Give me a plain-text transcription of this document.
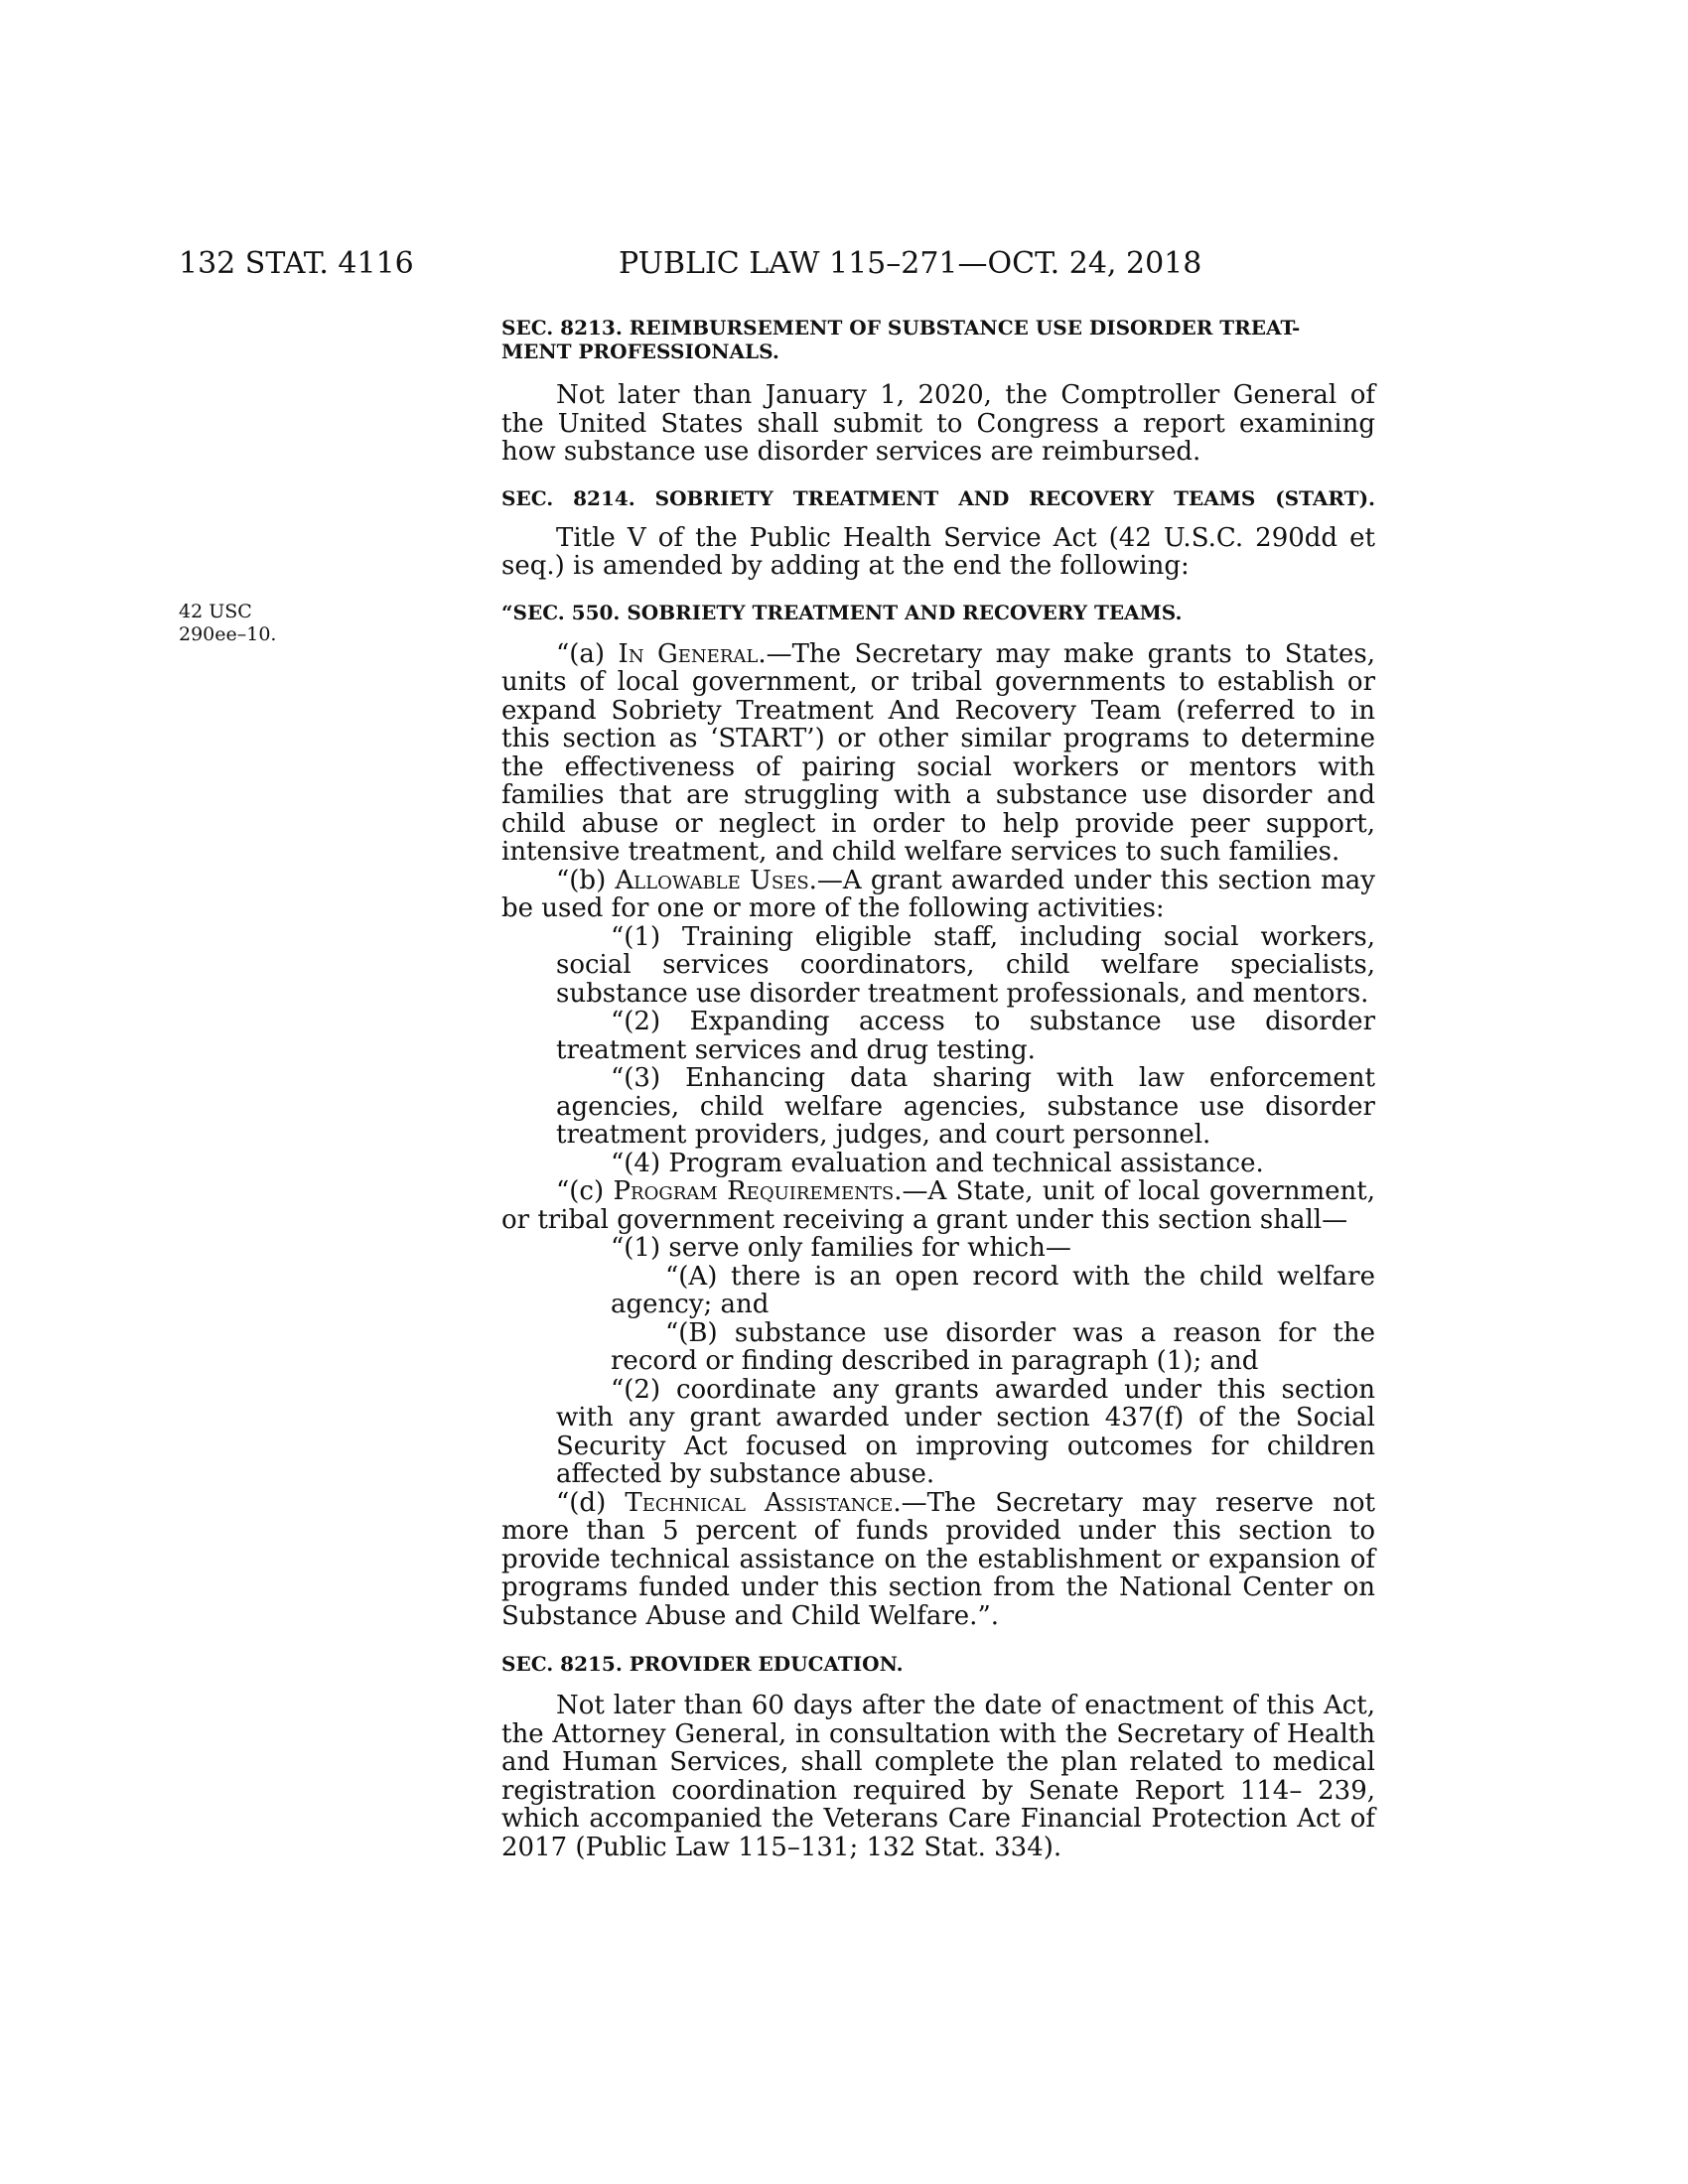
132 STAT. 4116	PUBLIC LAW 115–271—OCT. 24, 2018
42 USC
290ee–10.
SEC. 8213. REIMBURSEMENT OF SUBSTANCE USE DISORDER TREAT-
MENT PROFESSIONALS.

Not later than January 1, 2020, the Comptroller General of the United States shall submit to Congress a report examining how substance use disorder services are reimbursed.

SEC. 8214. SOBRIETY TREATMENT AND RECOVERY TEAMS (START).

Title V of the Public Health Service Act (42 U.S.C. 290dd et seq.) is amended by adding at the end the following:

“SEC. 550. SOBRIETY TREATMENT AND RECOVERY TEAMS.

“(a) In General.—The Secretary may make grants to States, units of local government, or tribal governments to establish or expand Sobriety Treatment And Recovery Team (referred to in this section as ‘START’) or other similar programs to determine the effectiveness of pairing social workers or mentors with families that are struggling with a substance use disorder and child abuse or neglect in order to help provide peer support, intensive treatment, and child welfare services to such families.

“(b) Allowable Uses.—A grant awarded under this section may be used for one or more of the following activities:

“(1) Training eligible staff, including social workers, social services coordinators, child welfare specialists, substance use disorder treatment professionals, and mentors.

“(2) Expanding access to substance use disorder treatment services and drug testing.

“(3) Enhancing data sharing with law enforcement agencies, child welfare agencies, substance use disorder treatment providers, judges, and court personnel.

“(4) Program evaluation and technical assistance.

“(c) Program Requirements.—A State, unit of local government, or tribal government receiving a grant under this section shall—

“(1) serve only families for which—

“(A) there is an open record with the child welfare agency; and

“(B) substance use disorder was a reason for the record or finding described in paragraph (1); and

“(2) coordinate any grants awarded under this section with any grant awarded under section 437(f) of the Social Security Act focused on improving outcomes for children affected by substance abuse.

“(d) Technical Assistance.—The Secretary may reserve not more than 5 percent of funds provided under this section to provide technical assistance on the establishment or expansion of programs funded under this section from the National Center on Substance Abuse and Child Welfare.”.

SEC. 8215. PROVIDER EDUCATION.

Not later than 60 days after the date of enactment of this Act, the Attorney General, in consultation with the Secretary of Health and Human Services, shall complete the plan related to medical registration coordination required by Senate Report 114– 239, which accompanied the Veterans Care Financial Protection Act of 2017 (Public Law 115–131; 132 Stat. 334).
